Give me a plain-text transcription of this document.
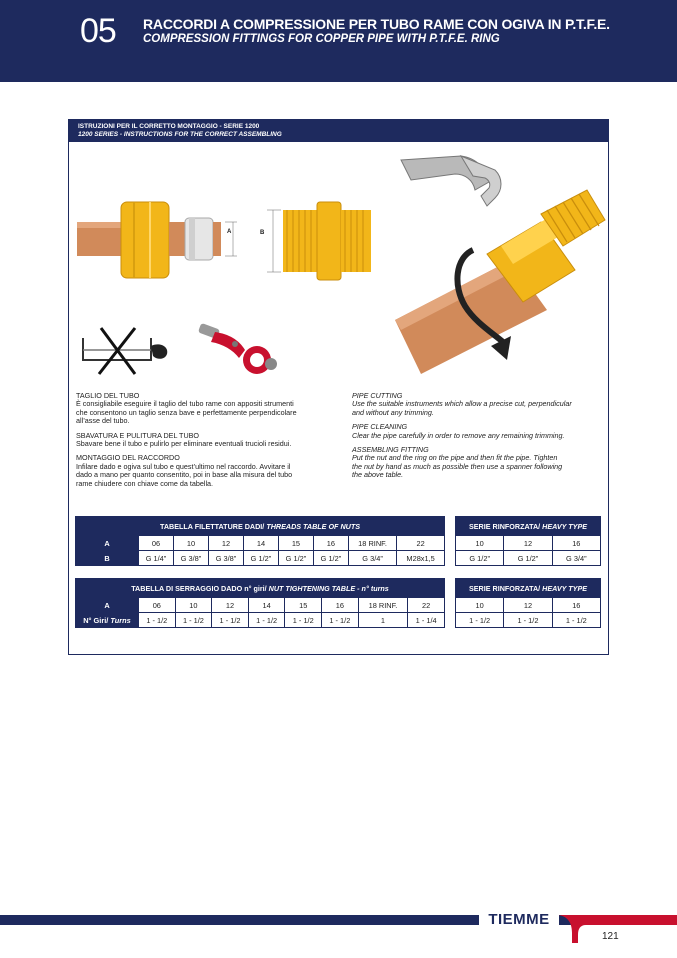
05 RACCORDI A COMPRESSIONE PER TUBO RAME CON OGIVA IN P.T.F.E.
COMPRESSION FITTINGS FOR COPPER PIPE WITH P.T.F.E. RING
ISTRUZIONI PER IL CORRETTO MONTAGGIO - SERIE 1200
1200 SERIES - INSTRUCTIONS FOR THE CORRECT ASSEMBLING
A	B
TAGLIO DEL TUBO
È consigliabile eseguire il taglio del tubo rame con appositi strumenti
che consentono un taglio senza bave e perfettamente perpendicolare
all’asse del tubo.
SBAVATURA E PULITURA DEL TUBO
Sbavare bene il tubo e pulirlo per eliminare eventuali trucioli residui.
MONTAGGIO DEL RACCORDO
Infilare dado e ogiva sul tubo e quest’ultimo nel raccordo. Avvitare il
dado a mano per quanto consentito, poi in base alla misura del tubo
rame chiudere con chiave come da tabella.
PIPE CUTTING
Use the suitable instruments which allow a precise cut, perpendicular
and without any trimming.
PIPE CLEANING
Clear the pipe carefully in order to remove any remaining trimming.
ASSEMBLING FITTING
Put the nut and the ring on the pipe and then fit the pipe. Tighten
the nut by hand as much as possible then use a spanner following
the above table.
TABELLA FILETTATURE DADI/ THREADS TABLE OF NUTS								
A	06	10	12	14	15	16	18 RINF.	22
B	G 1/4”	G 3/8”	G 3/8”	G 1/2”	G 1/2”	G 1/2”	G 3/4”	M28x1,5
SERIE RINFORZATA/ HEAVY TYPE		
10	12	16
G 1/2”	G 1/2”	G 3/4”
TABELLA DI SERRAGGIO DADO n° giri/ NUT TIGHTENING TABLE - n° turns								
A	06	10	12	14	15	16	18 RINF.	22
N° Giri/ Turns	1 - 1/2	1 - 1/2	1 - 1/2	1 - 1/2	1 - 1/2	1 - 1/2	1	1 - 1/4
SERIE RINFORZATA/ HEAVY TYPE		
10	12	16
1 - 1/2	1 - 1/2	1 - 1/2
TIEMME
121
